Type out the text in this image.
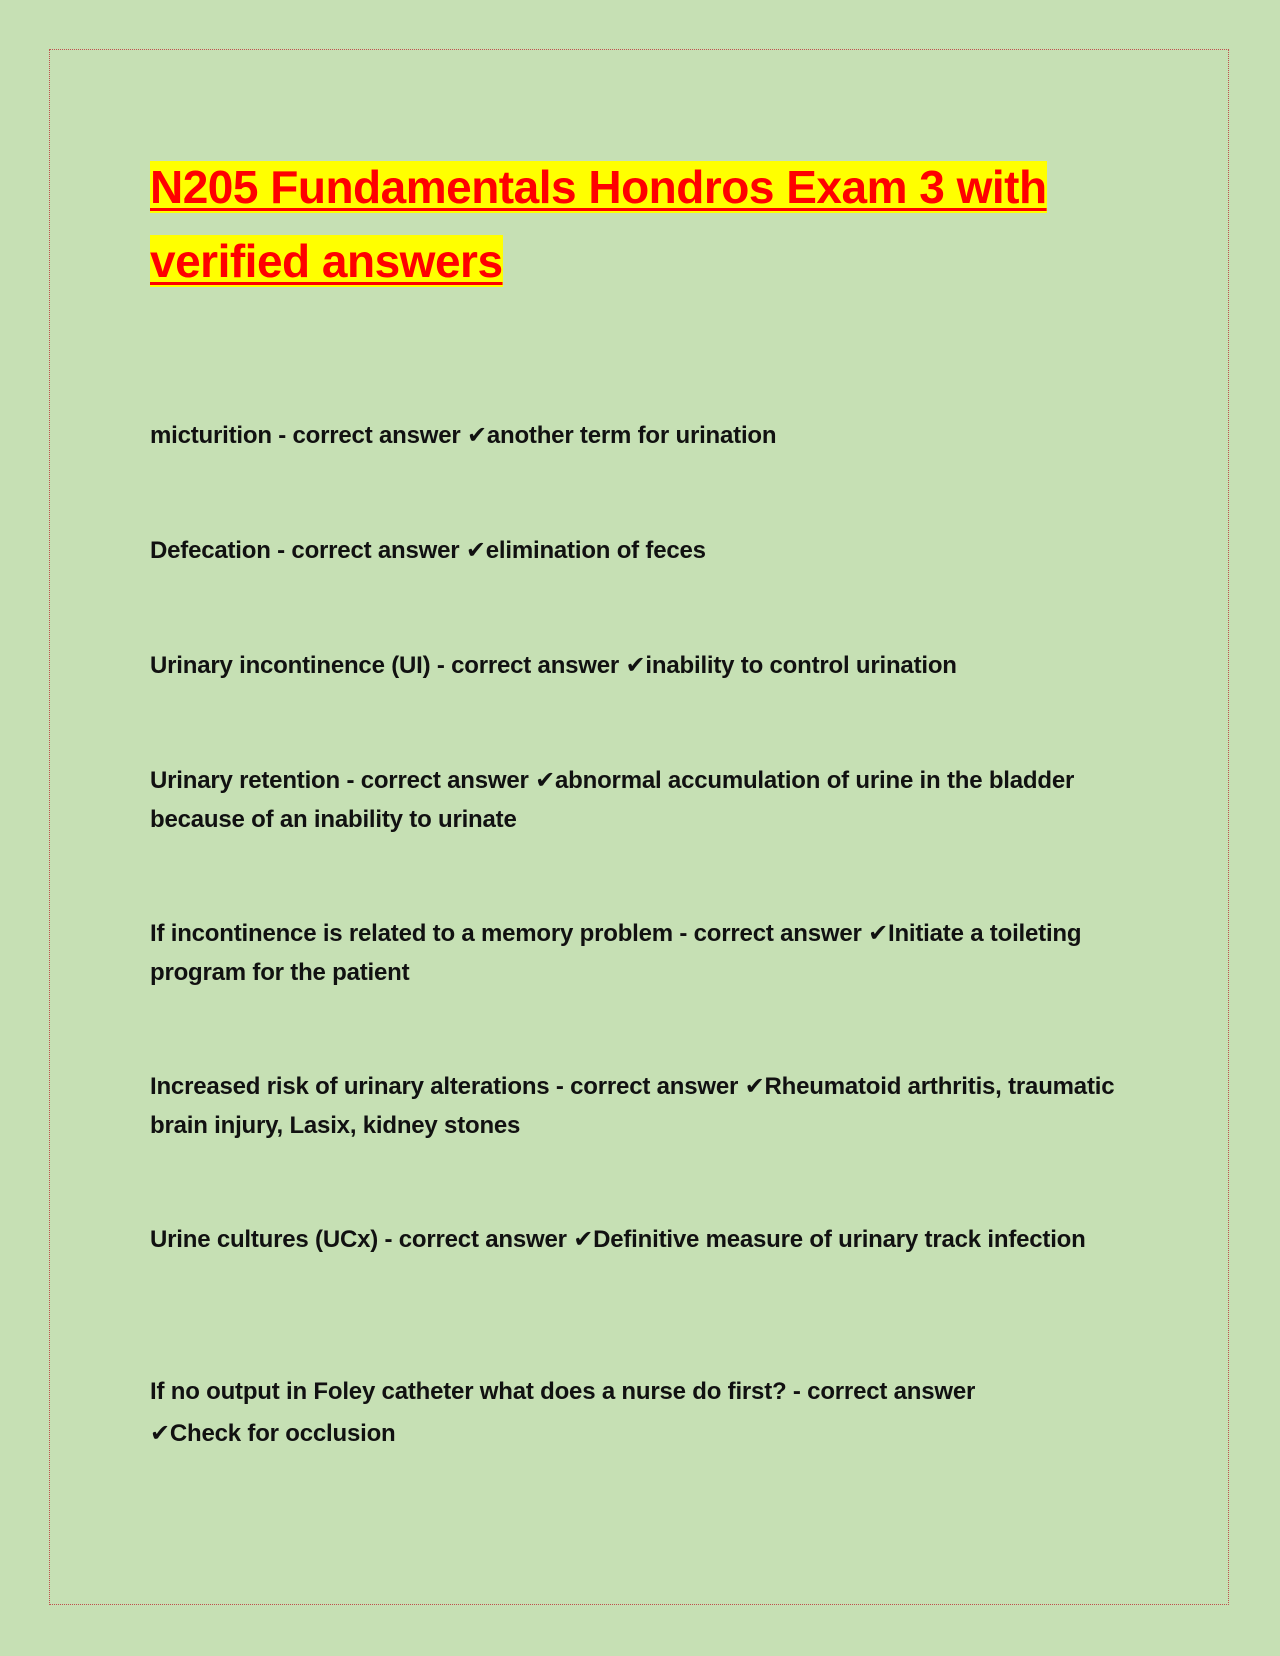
N205 Fundamentals Hondros Exam 3 with verified answers
micturition - correct answer ✔another term for urination
Defecation - correct answer ✔elimination of feces
Urinary incontinence (UI) - correct answer ✔inability to control urination
Urinary retention - correct answer ✔abnormal accumulation of urine in the bladder because of an inability to urinate
If incontinence is related to a memory problem - correct answer ✔Initiate a toileting program for the patient
Increased risk of urinary alterations - correct answer ✔Rheumatoid arthritis, traumatic brain injury, Lasix, kidney stones
Urine cultures (UCx) - correct answer ✔Definitive measure of urinary track infection
If no output in Foley catheter what does a nurse do first? - correct answer ✔Check for occlusion
